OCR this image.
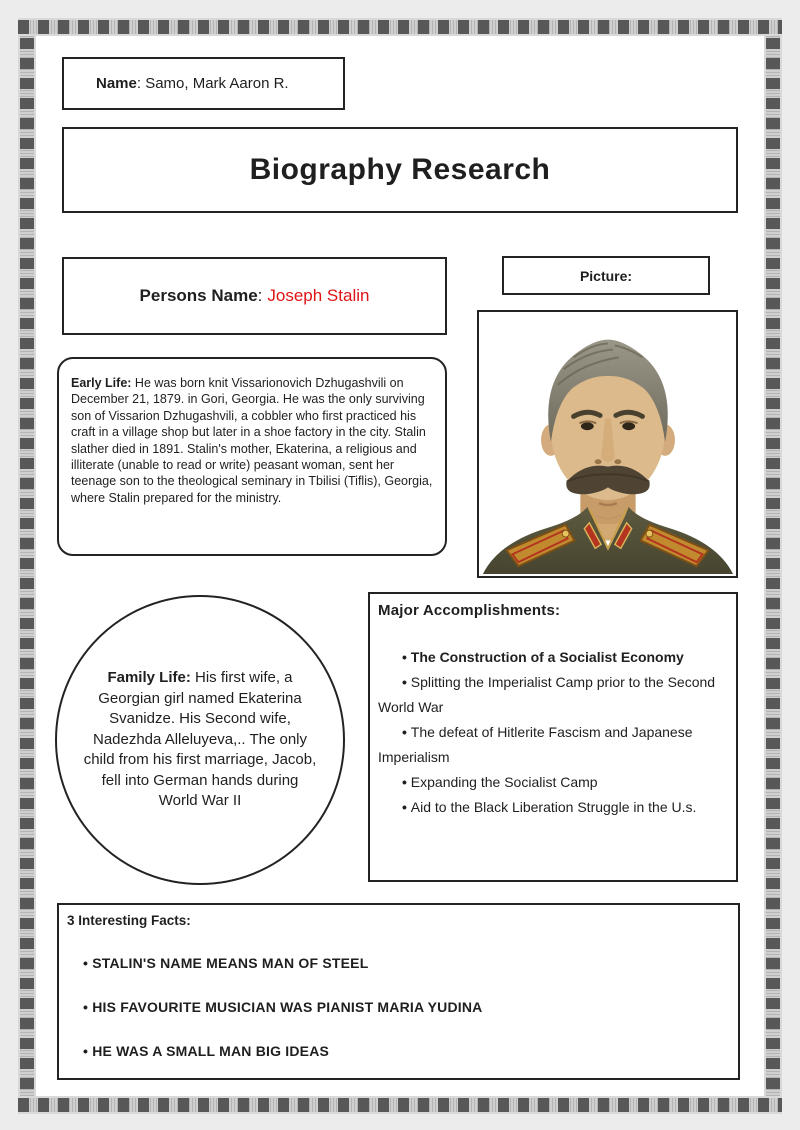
Name: Samo, Mark Aaron R.
Biography Research
Persons Name : Joseph Stalin
Picture:
Early Life: He was born knit Vissarionovich Dzhugashvili on December 21, 1879. in Gori, Georgia. He was the only surviving son of Vissarion Dzhugashvili, a cobbler who first practiced his craft in a village shop but later in a shoe factory in the city. Stalin slather died in 1891. Stalin's mother, Ekaterina, a religious and illiterate (unable to read or write) peasant woman, sent her teenage son to the theological seminary in Tbilisi (Tiflis), Georgia, where Stalin prepared for the ministry.
Family Life: His first wife, a Georgian girl named Ekaterina Svanidze. His Second wife, Nadezhda Alleluyeva,.. The only child from his first marriage, Jacob, fell into German hands during World War II
Major Accomplishments:
• The Construction of a Socialist Economy
• Splitting the Imperialist Camp prior to the Second World War
• The defeat of Hitlerite Fascism and Japanese Imperialism
• Expanding the Socialist Camp
• Aid to the Black Liberation Struggle in the U.s.
3 Interesting Facts:
• STALIN'S NAME MEANS MAN OF STEEL
• HIS FAVOURITE MUSICIAN WAS PIANIST MARIA YUDINA
• HE WAS A SMALL MAN BIG IDEAS
